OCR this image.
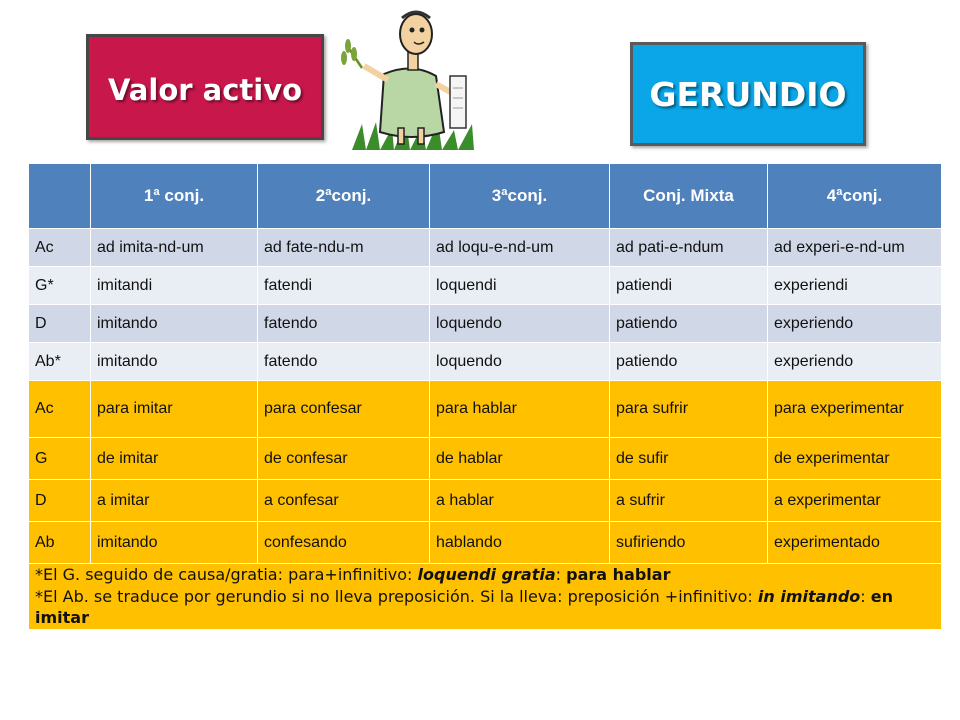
Valor activo	GERUNDIO
	1ª conj.	2ªconj.	3ªconj.	Conj. Mixta	4ªconj.
Ac	ad imita-nd-um	ad fate-ndu-m	ad loqu-e-nd-um	ad pati-e-ndum	ad experi-e-nd-um
G*	imitandi	fatendi	loquendi	patiendi	experiendi
D	imitando	fatendo	loquendo	patiendo	experiendo
Ab*	imitando	fatendo	loquendo	patiendo	experiendo
Ac	para imitar	para confesar	para hablar	para sufrir	para experimentar
G	de imitar	de confesar	de hablar	de sufir	de experimentar
D	a imitar	a confesar	a hablar	a sufrir	a experimentar
Ab	imitando	confesando	hablando	sufiriendo	experimentado

*El G. seguido de causa/gratia: para+infinitivo: loquendi gratia: para hablar
*El Ab. se traduce por gerundio si no lleva preposición. Si la lleva: preposición +infinitivo: in imitando: en imitar					
